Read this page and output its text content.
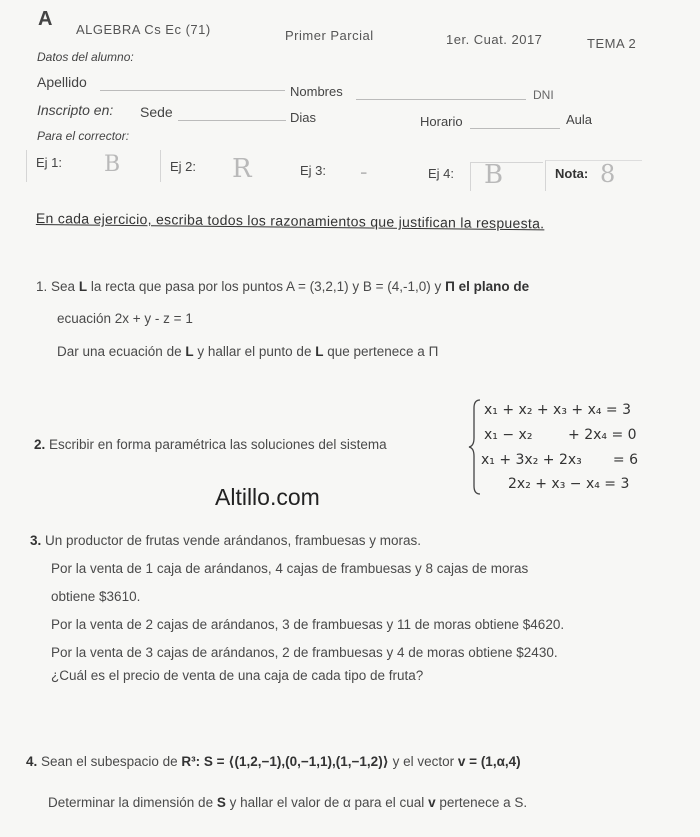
A ALGEBRA Cs Ec (71)	Primer Parcial	1er. Cuat. 2017	TEMA 2
Datos del alumno:
Apellido
Nombres	DNI
Inscripto en: Sede	Dias	Horario	Aula
Para el corrector:
Ej 1: B	Ej 2: R	Ej 3: -	Ej 4: B	Nota: 8
En cada ejercicio, escriba todos los razonamientos que justifican la respuesta.
1. Sea L la recta que pasa por los puntos A = (3,2,1) y B = (4,-1,0) y Π el plano de
ecuación 2x + y - z = 1
Dar una ecuación de L y hallar el punto de L que pertenece a Π
2. Escribir en forma paramétrica las soluciones del sistema
x₁ + x₂ + x₃ + x₄ = 3
x₁ − x₂        + 2x₄ = 0
x₁ + 3x₂ + 2x₃       = 6
2x₂ + x₃ − x₄ = 3
Altillo.com
3. Un productor de frutas vende arándanos, frambuesas y moras.
Por la venta de 1 caja de arándanos, 4 cajas de frambuesas y 8 cajas de moras
obtiene $3610.
Por la venta de 2 cajas de arándanos, 3 de frambuesas y 11 de moras obtiene $4620.
Por la venta de 3 cajas de arándanos, 2 de frambuesas y 4 de moras obtiene $2430.
¿Cuál es el precio de venta de una caja de cada tipo de fruta?
4. Sean el subespacio de R³: S = ⟨(1,2,−1),(0,−1,1),(1,−1,2)⟩ y el vector v = (1,α,4)
Determinar la dimensión de S y hallar el valor de α para el cual v pertenece a S.
